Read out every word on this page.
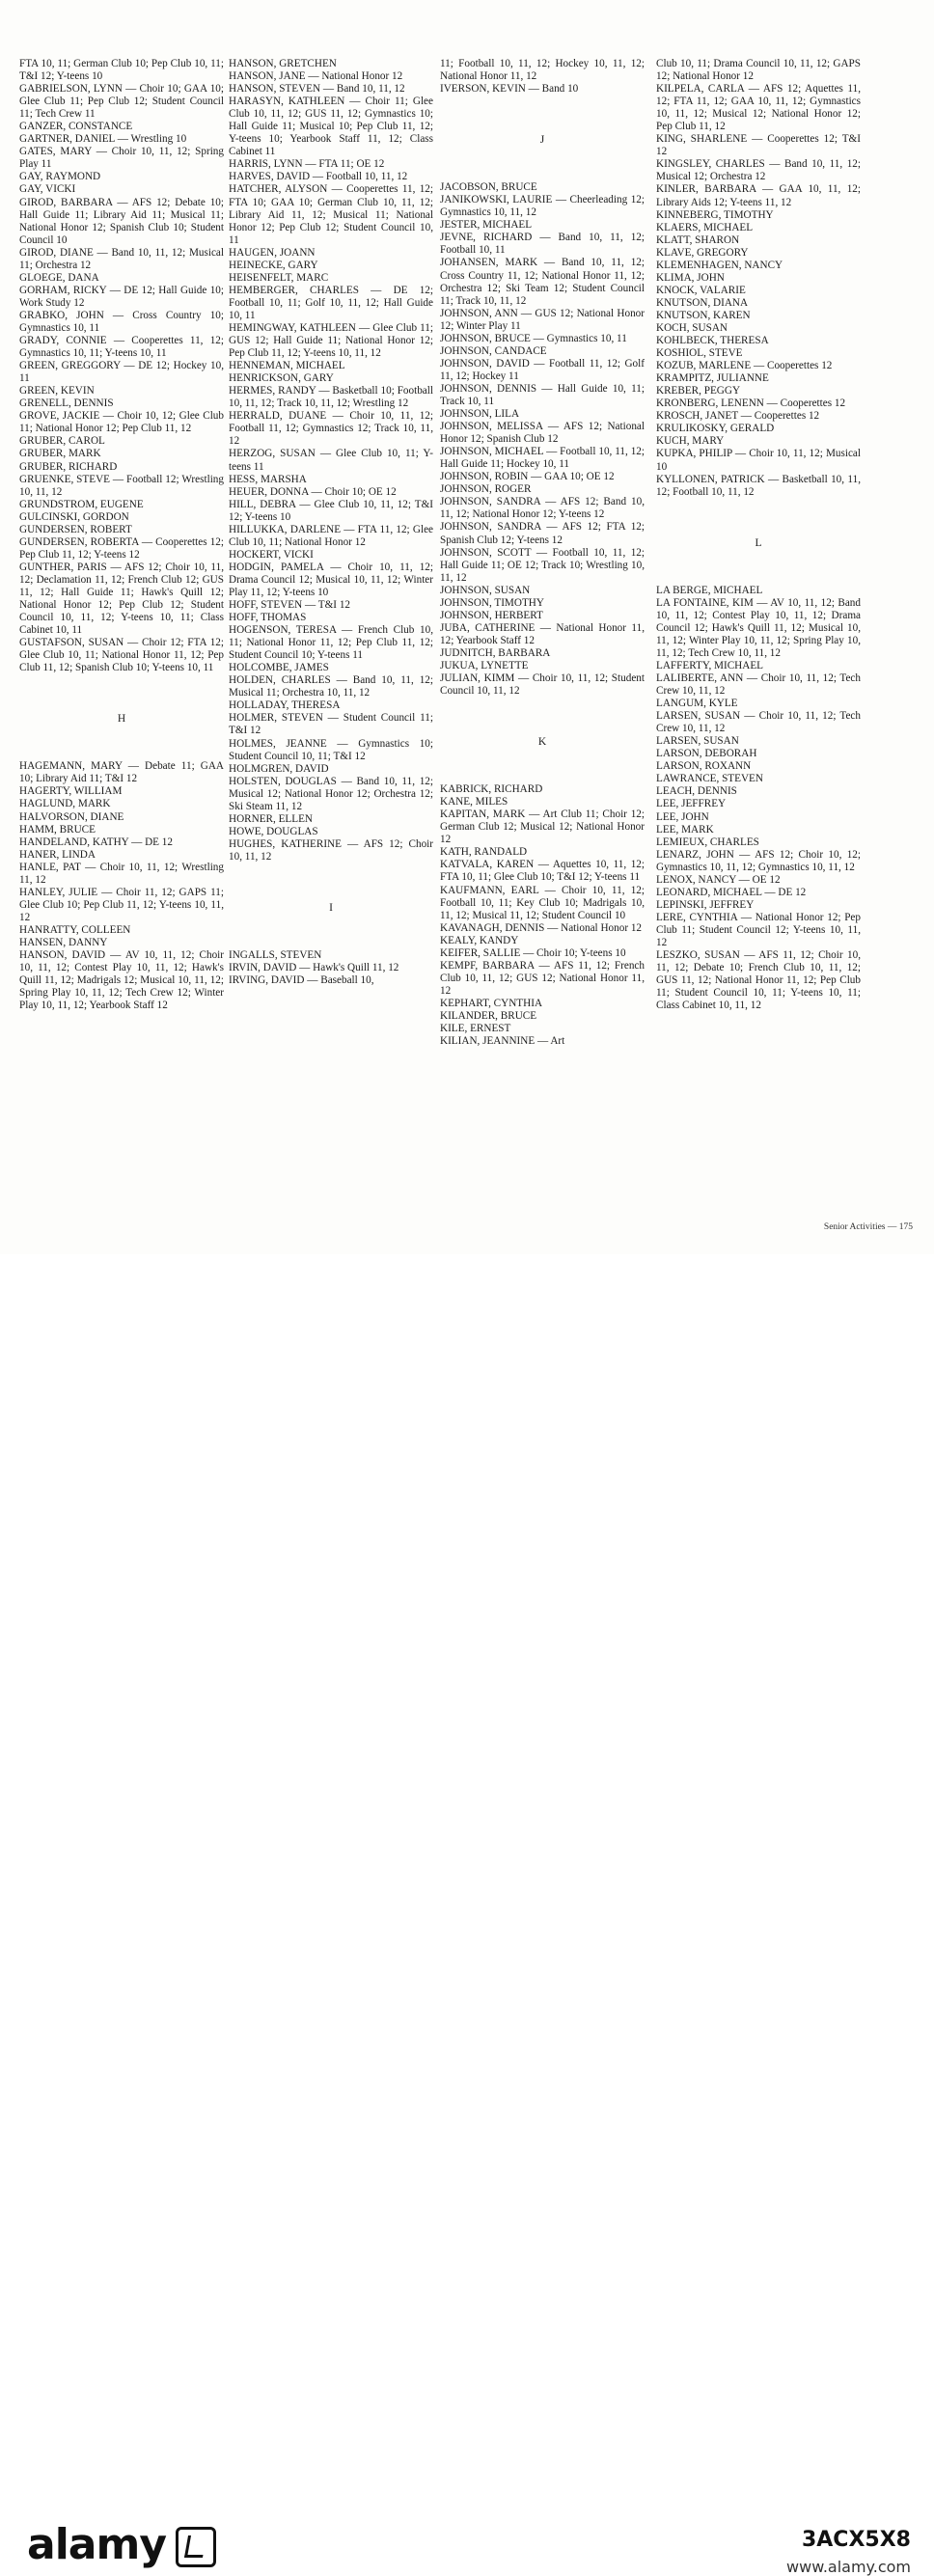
FTA 10, 11; German Club 10; Pep Club 10, 11; T&I 12; Y-teens 10
GABRIELSON, LYNN — Choir 10; GAA 10; Glee Club 11; Pep Club 12; Student Council 11; Tech Crew 11
GANZER, CONSTANCE
GARTNER, DANIEL — Wrestling 10
GATES, MARY — Choir 10, 11, 12; Spring Play 11
GAY, RAYMOND
GAY, VICKI
GIROD, BARBARA — AFS 12; Debate 10; Hall Guide 11; Library Aid 11; Musical 11; National Honor 12; Spanish Club 10; Student Council 10
GIROD, DIANE — Band 10, 11, 12; Musical 11; Orchestra 12
GLOEGE, DANA
GORHAM, RICKY — DE 12; Hall Guide 10; Work Study 12
GRABKO, JOHN — Cross Country 10; Gymnastics 10, 11
GRADY, CONNIE — Cooperettes 11, 12; Gymnastics 10, 11; Y-teens 10, 11
GREEN, GREGGORY — DE 12; Hockey 10, 11
GREEN, KEVIN
GRENELL, DENNIS
GROVE, JACKIE — Choir 10, 12; Glee Club 11; National Honor 12; Pep Club 11, 12
GRUBER, CAROL
GRUBER, MARK
GRUBER, RICHARD
GRUENKE, STEVE — Football 12; Wrestling 10, 11, 12
GRUNDSTROM, EUGENE
GULCINSKI, GORDON
GUNDERSEN, ROBERT
GUNDERSEN, ROBERTA — Cooperettes 12; Pep Club 11, 12; Y-teens 12
GUNTHER, PARIS — AFS 12; Choir 10, 11, 12; Declamation 11, 12; French Club 12; GUS 11, 12; Hall Guide 11; Hawk's Quill 12; National Honor 12; Pep Club 12; Student Council 10, 11, 12; Y-teens 10, 11; Class Cabinet 10, 11
GUSTAFSON, SUSAN — Choir 12; FTA 12; Glee Club 10, 11; National Honor 11, 12; Pep Club 11, 12; Spanish Club 10; Y-teens 10, 11
H
HAGEMANN, MARY — Debate 11; GAA 10; Library Aid 11; T&I 12
HAGERTY, WILLIAM
HAGLUND, MARK
HALVORSON, DIANE
HAMM, BRUCE
HANDELAND, KATHY — DE 12
HANER, LINDA
HANLE, PAT — Choir 10, 11, 12; Wrestling 11, 12
HANLEY, JULIE — Choir 11, 12; GAPS 11; Glee Club 10; Pep Club 11, 12; Y-teens 10, 11, 12
HANRATTY, COLLEEN
HANSEN, DANNY
HANSON, DAVID — AV 10, 11, 12; Choir 10, 11, 12; Contest Play 10, 11, 12; Hawk's Quill 11, 12; Madrigals 12; Musical 10, 11, 12; Spring Play 10, 11, 12; Tech Crew 12; Winter Play 10, 11, 12; Yearbook Staff 12
HANSON, GRETCHEN
HANSON, JANE — National Honor 12
HANSON, STEVEN — Band 10, 11, 12
HARASYN, KATHLEEN — Choir 11; Glee Club 10, 11, 12; GUS 11, 12; Gymnastics 10; Hall Guide 11; Musical 10; Pep Club 11, 12; Y-teens 10; Yearbook Staff 11, 12; Class Cabinet 11
HARRIS, LYNN — FTA 11; OE 12
HARVES, DAVID — Football 10, 11, 12
HATCHER, ALYSON — Cooperettes 11, 12; FTA 10; GAA 10; German Club 10, 11, 12; Library Aid 11, 12; Musical 11; National Honor 12; Pep Club 12; Student Council 10, 11
HAUGEN, JOANN
HEINECKE, GARY
HEISENFELT, MARC
HEMBERGER, CHARLES — DE 12; Football 10, 11; Golf 10, 11, 12; Hall Guide 10, 11
HEMINGWAY, KATHLEEN — Glee Club 11; GUS 12; Hall Guide 11; National Honor 12; Pep Club 11, 12; Y-teens 10, 11, 12
HENNEMAN, MICHAEL
HENRICKSON, GARY
HERMES, RANDY — Basketball 10; Football 10, 11, 12; Track 10, 11, 12; Wrestling 12
HERRALD, DUANE — Choir 10, 11, 12; Football 11, 12; Gymnastics 12; Track 10, 11, 12
HERZOG, SUSAN — Glee Club 10, 11; Y-teens 11
HESS, MARSHA
HEUER, DONNA — Choir 10; OE 12
HILL, DEBRA — Glee Club 10, 11, 12; T&I 12; Y-teens 10
HILLUKKA, DARLENE — FTA 11, 12; Glee Club 10, 11; National Honor 12
HOCKERT, VICKI
HODGIN, PAMELA — Choir 10, 11, 12; Drama Council 12; Musical 10, 11, 12; Winter Play 11, 12; Y-teens 10
HOFF, STEVEN — T&I 12
HOFF, THOMAS
HOGENSON, TERESA — French Club 10, 11; National Honor 11, 12; Pep Club 11, 12; Student Council 10; Y-teens 11
HOLCOMBE, JAMES
HOLDEN, CHARLES — Band 10, 11, 12; Musical 11; Orchestra 10, 11, 12
HOLLADAY, THERESA
HOLMER, STEVEN — Student Council 11; T&I 12
HOLMES, JEANNE — Gymnastics 10; Student Council 10, 11; T&I 12
HOLMGREN, DAVID
HOLSTEN, DOUGLAS — Band 10, 11, 12; Musical 12; National Honor 12; Orchestra 12; Ski Steam 11, 12
HORNER, ELLEN
HOWE, DOUGLAS
HUGHES, KATHERINE — AFS 12; Choir 10, 11, 12
I
INGALLS, STEVEN
IRVIN, DAVID — Hawk's Quill 11, 12
IRVING, DAVID — Baseball 10,
11; Football 10, 11, 12; Hockey 10, 11, 12; National Honor 11, 12
IVERSON, KEVIN — Band 10
J
JACOBSON, BRUCE
JANIKOWSKI, LAURIE — Cheerleading 12; Gymnastics 10, 11, 12
JESTER, MICHAEL
JEVNE, RICHARD — Band 10, 11, 12; Football 10, 11
JOHANSEN, MARK — Band 10, 11, 12; Cross Country 11, 12; National Honor 11, 12; Orchestra 12; Ski Team 12; Student Council 11; Track 10, 11, 12
JOHNSON, ANN — GUS 12; National Honor 12; Winter Play 11
JOHNSON, BRUCE — Gymnastics 10, 11
JOHNSON, CANDACE
JOHNSON, DAVID — Football 11, 12; Golf 11, 12; Hockey 11
JOHNSON, DENNIS — Hall Guide 10, 11; Track 10, 11
JOHNSON, LILA
JOHNSON, MELISSA — AFS 12; National Honor 12; Spanish Club 12
JOHNSON, MICHAEL — Football 10, 11, 12; Hall Guide 11; Hockey 10, 11
JOHNSON, ROBIN — GAA 10; OE 12
JOHNSON, ROGER
JOHNSON, SANDRA — AFS 12; Band 10, 11, 12; National Honor 12; Y-teens 12
JOHNSON, SANDRA — AFS 12; FTA 12; Spanish Club 12; Y-teens 12
JOHNSON, SCOTT — Football 10, 11, 12; Hall Guide 11; OE 12; Track 10; Wrestling 10, 11, 12
JOHNSON, SUSAN
JOHNSON, TIMOTHY
JOHNSON, HERBERT
JUBA, CATHERINE — National Honor 11, 12; Yearbook Staff 12
JUDNITCH, BARBARA
JUKUA, LYNETTE
JULIAN, KIMM — Choir 10, 11, 12; Student Council 10, 11, 12
K
KABRICK, RICHARD
KANE, MILES
KAPITAN, MARK — Art Club 11; Choir 12; German Club 12; Musical 12; National Honor 12
KATH, RANDALD
KATVALA, KAREN — Aquettes 10, 11, 12; FTA 10, 11; Glee Club 10; T&I 12; Y-teens 11
KAUFMANN, EARL — Choir 10, 11, 12; Football 10, 11; Key Club 10; Madrigals 10, 11, 12; Musical 11, 12; Student Council 10
KAVANAGH, DENNIS — National Honor 12
KEALY, KANDY
KEIFER, SALLIE — Choir 10; Y-teens 10
KEMPF, BARBARA — AFS 11, 12; French Club 10, 11, 12; GUS 12; National Honor 11, 12
KEPHART, CYNTHIA
KILANDER, BRUCE
KILE, ERNEST
KILIAN, JEANNINE — Art
Club 10, 11; Drama Council 10, 11, 12; GAPS 12; National Honor 12
KILPELA, CARLA — AFS 12; Aquettes 11, 12; FTA 11, 12; GAA 10, 11, 12; Gymnastics 10, 11, 12; Musical 12; National Honor 12; Pep Club 11, 12
KING, SHARLENE — Cooperettes 12; T&I 12
KINGSLEY, CHARLES — Band 10, 11, 12; Musical 12; Orchestra 12
KINLER, BARBARA — GAA 10, 11, 12; Library Aids 12; Y-teens 11, 12
KINNEBERG, TIMOTHY
KLAERS, MICHAEL
KLATT, SHARON
KLAVE, GREGORY
KLEMENHAGEN, NANCY
KLIMA, JOHN
KNOCK, VALARIE
KNUTSON, DIANA
KNUTSON, KAREN
KOCH, SUSAN
KOHLBECK, THERESA
KOSHIOL, STEVE
KOZUB, MARLENE — Cooperettes 12
KRAMPITZ, JULIANNE
KREBER, PEGGY
KRONBERG, LENENN — Cooperettes 12
KROSCH, JANET — Cooperettes 12
KRULIKOSKY, GERALD
KUCH, MARY
KUPKA, PHILIP — Choir 10, 11, 12; Musical 10
KYLLONEN, PATRICK — Basketball 10, 11, 12; Football 10, 11, 12
L
LA BERGE, MICHAEL
LA FONTAINE, KIM — AV 10, 11, 12; Band 10, 11, 12; Contest Play 10, 11, 12; Drama Council 12; Hawk's Quill 11, 12; Musical 10, 11, 12; Winter Play 10, 11, 12; Spring Play 10, 11, 12; Tech Crew 10, 11, 12
LAFFERTY, MICHAEL
LALIBERTE, ANN — Choir 10, 11, 12; Tech Crew 10, 11, 12
LANGUM, KYLE
LARSEN, SUSAN — Choir 10, 11, 12; Tech Crew 10, 11, 12
LARSEN, SUSAN
LARSON, DEBORAH
LARSON, ROXANN
LAWRANCE, STEVEN
LEACH, DENNIS
LEE, JEFFREY
LEE, JOHN
LEE, MARK
LEMIEUX, CHARLES
LENARZ, JOHN — AFS 12; Choir 10, 12; Gymnastics 10, 11, 12; Gymnastics 10, 11, 12
LENOX, NANCY — OE 12
LEONARD, MICHAEL — DE 12
LEPINSKI, JEFFREY
LERE, CYNTHIA — National Honor 12; Pep Club 11; Student Council 12; Y-teens 10, 11, 12
LESZKO, SUSAN — AFS 11, 12; Choir 10, 11, 12; Debate 10; French Club 10, 11, 12; GUS 11, 12; National Honor 11, 12; Pep Club 11; Student Council 10, 11; Y-teens 10, 11; Class Cabinet 10, 11, 12
Senior Activities — 175
alamy	3ACX5X8
www.alamy.com
